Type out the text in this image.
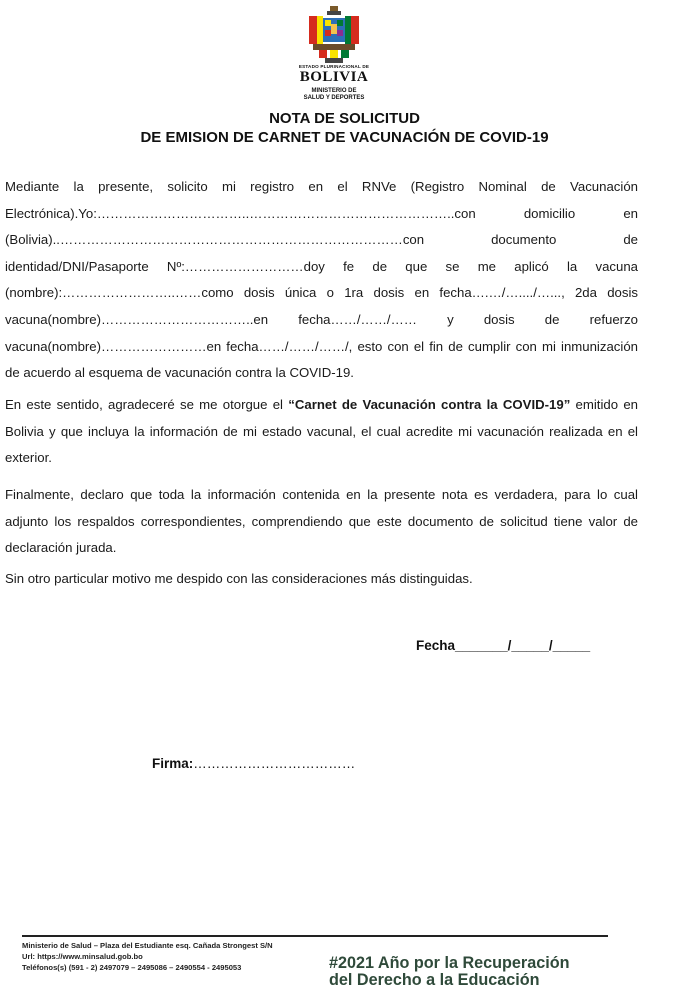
ESTADO PLURINACIONAL DE
BOLIVIA
MINISTERIO DE
SALUD Y DEPORTES
NOTA DE SOLICITUD
DE EMISION DE CARNET DE VACUNACIÓN DE COVID-19

Mediante la presente, solicito mi registro en el RNVe (Registro Nominal de Vacunación Electrónica).Yo:……………………………..………………………………………..con domicilio en (Bolivia)..……………………………………………………………………con documento de identidad/DNI/Pasaporte Nº:………………………doy fe de que se me aplicó la vacuna (nombre):……………………..……como dosis única o 1ra dosis en fecha….…/…..../…..., 2da dosis vacuna(nombre)……………………………..en fecha……/……/…… y dosis de refuerzo vacuna(nombre)……………………en fecha……/……/……/, esto con el fin de cumplir con mi inmunización de acuerdo al esquema de vacunación contra la COVID-19.

En este sentido, agradeceré se me otorgue el “Carnet de Vacunación contra la COVID-19” emitido en Bolivia y que incluya la información de mi estado vacunal, el cual acredite mi vacunación realizada en el exterior.

Finalmente, declaro que toda la información contenida en la presente nota es verdadera, para lo cual adjunto los respaldos correspondientes, comprendiendo que este documento de solicitud tiene valor de declaración jurada.

Sin otro particular motivo me despido con las consideraciones más distinguidas.

Fecha_______/_____/_____
Firma:………………………………
Ministerio de Salud – Plaza del Estudiante esq. Cañada Strongest S/N
Url: https://www.minsalud.gob.bo
Teléfonos(s) (591 - 2) 2497079 – 2495086 – 2490554 - 2495053	#2021 Año por la Recuperación
del Derecho a la Educación
